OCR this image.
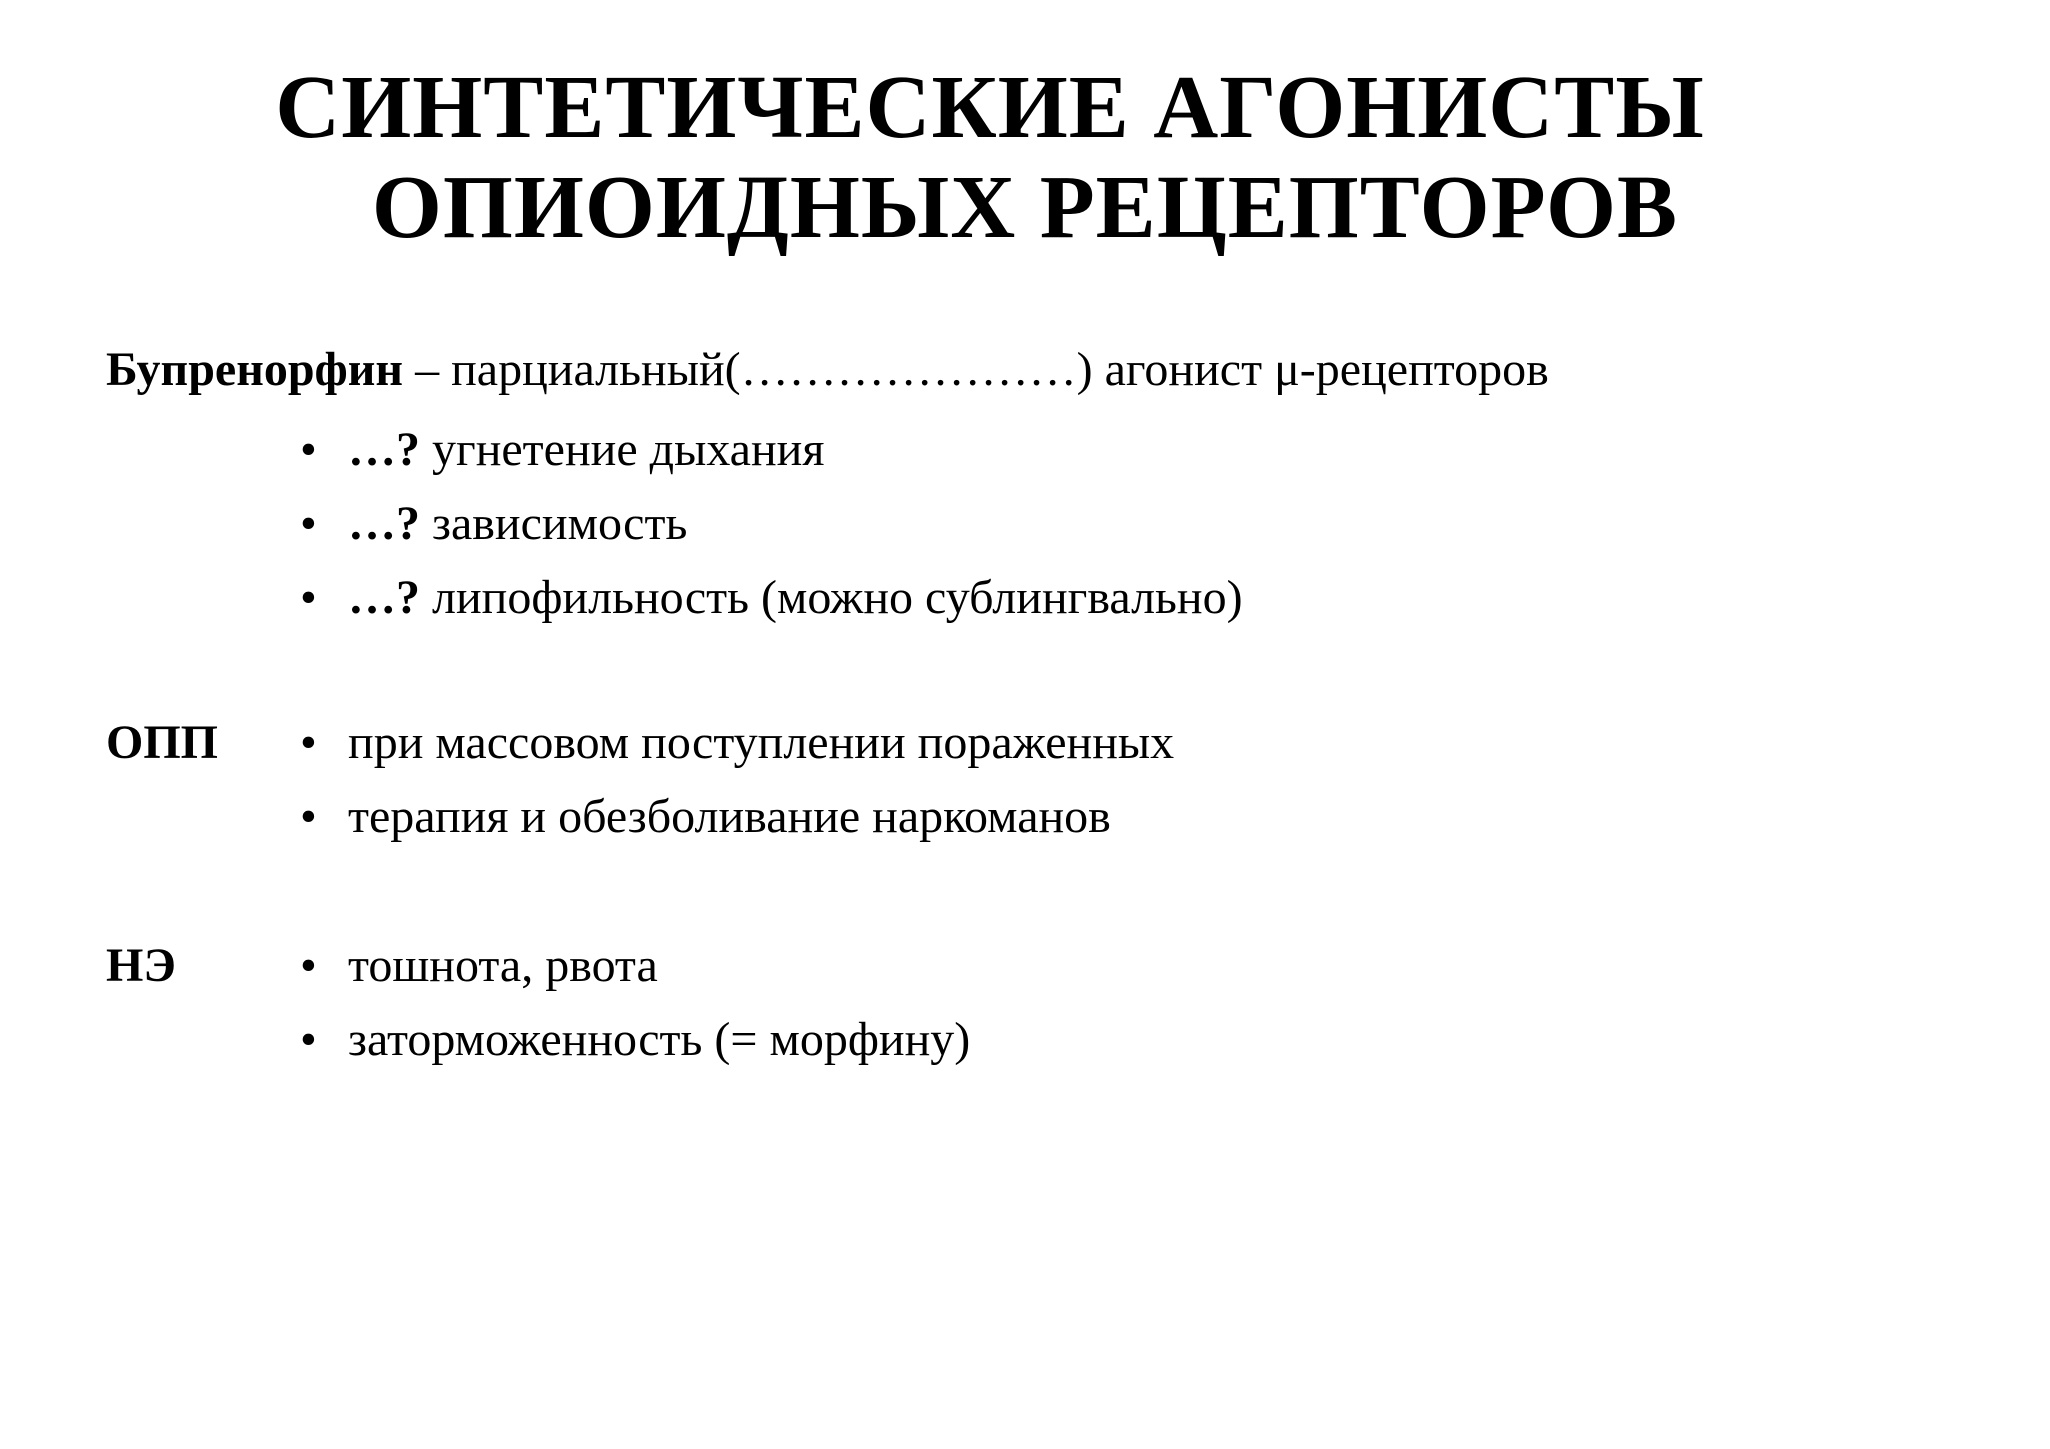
СИНТЕТИЧЕСКИЕ АГОНИСТЫ
ОПИОИДНЫХ РЕЦЕПТОРОВ
Бупренорфин – парциальный(…………………) агонист μ-рецепторов
• …? угнетение дыхания
• …? зависимость
• …? липофильность (можно сублингвально)
ОПП • при массовом поступлении пораженных
• терапия и обезболивание наркоманов
НЭ	• тошнота, рвота
• заторможенность (= морфину)
